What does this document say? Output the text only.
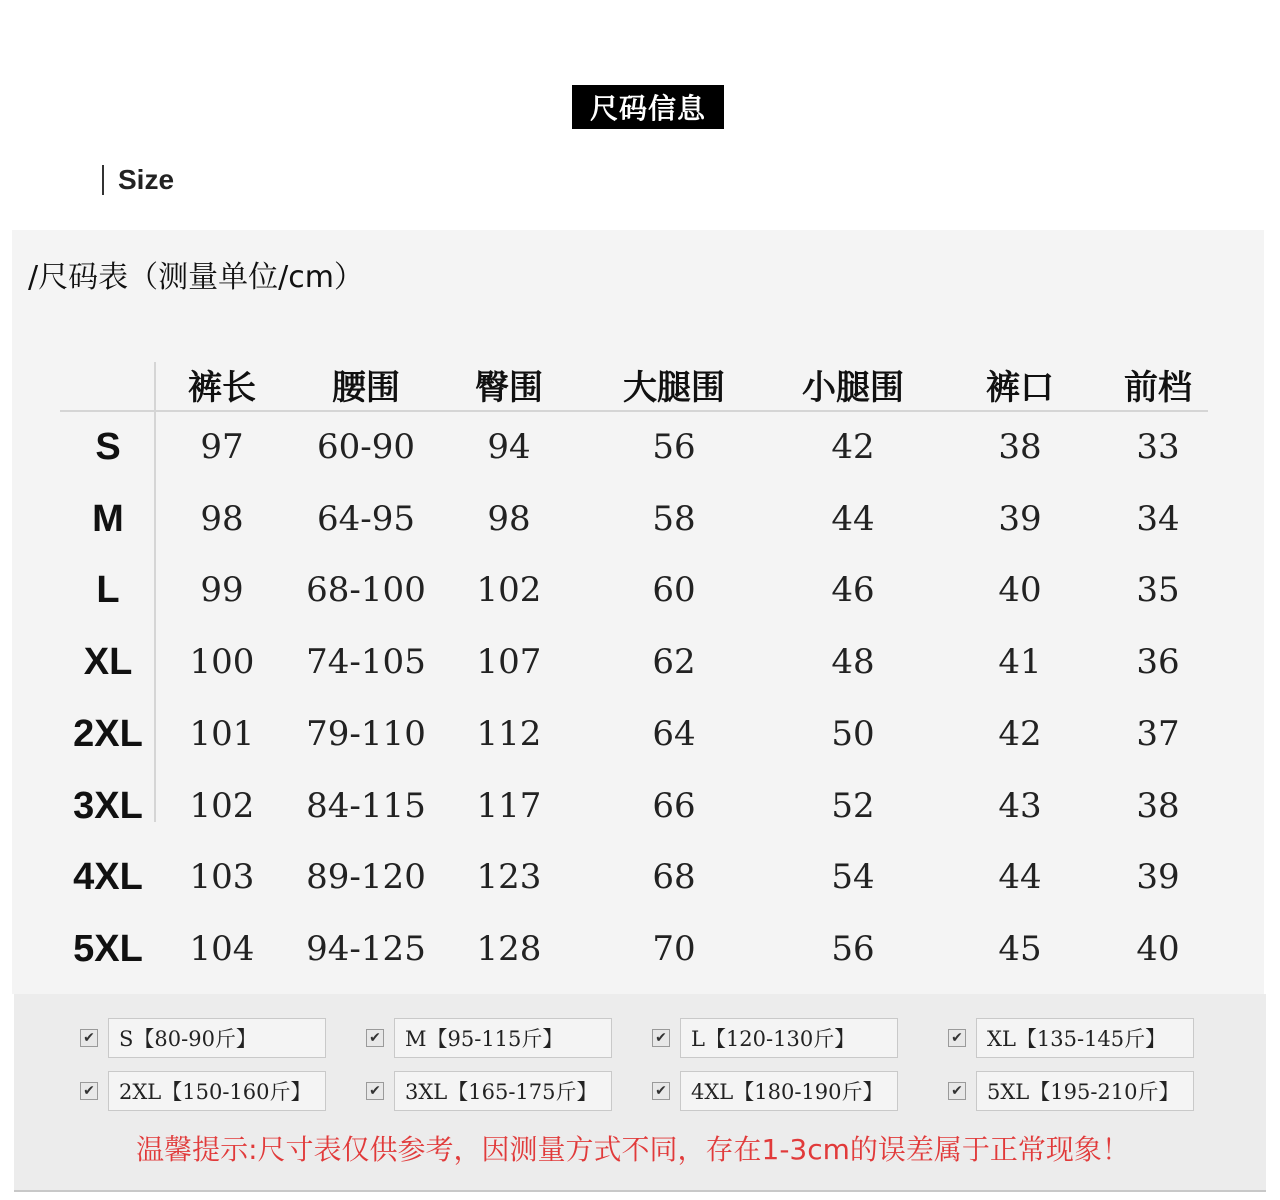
尺码信息
Size
/尺码表（测量单位/cm）
裤长 腰围 臀围 大腿围 小腿围 裤口 前档
S 97 60-90 94	56	42	38	33
M 98 64-95 98	58	44	39	34
L 99 68-100 102	60	46	40	35
XL 100 74-105 107	62	48	41	36
2XL 101 79-110 112	64	50	42	37
3XL 102 84-115 117	66	52	43	38
4XL 103 89-120 123	68	54	44	39
5XL 104 94-125 128	70	56	45	40
✔	S【80-90斤】	✔	M【95-115斤】	✔	L【120-130斤】	✔	XL【135-145斤】
✔	2XL【150-160斤】	✔	3XL【165-175斤】	✔	4XL【180-190斤】	✔	5XL【195-210斤】
温馨提示:尺寸表仅供参考，因测量方式不同，存在1-3cm的误差属于正常现象！
